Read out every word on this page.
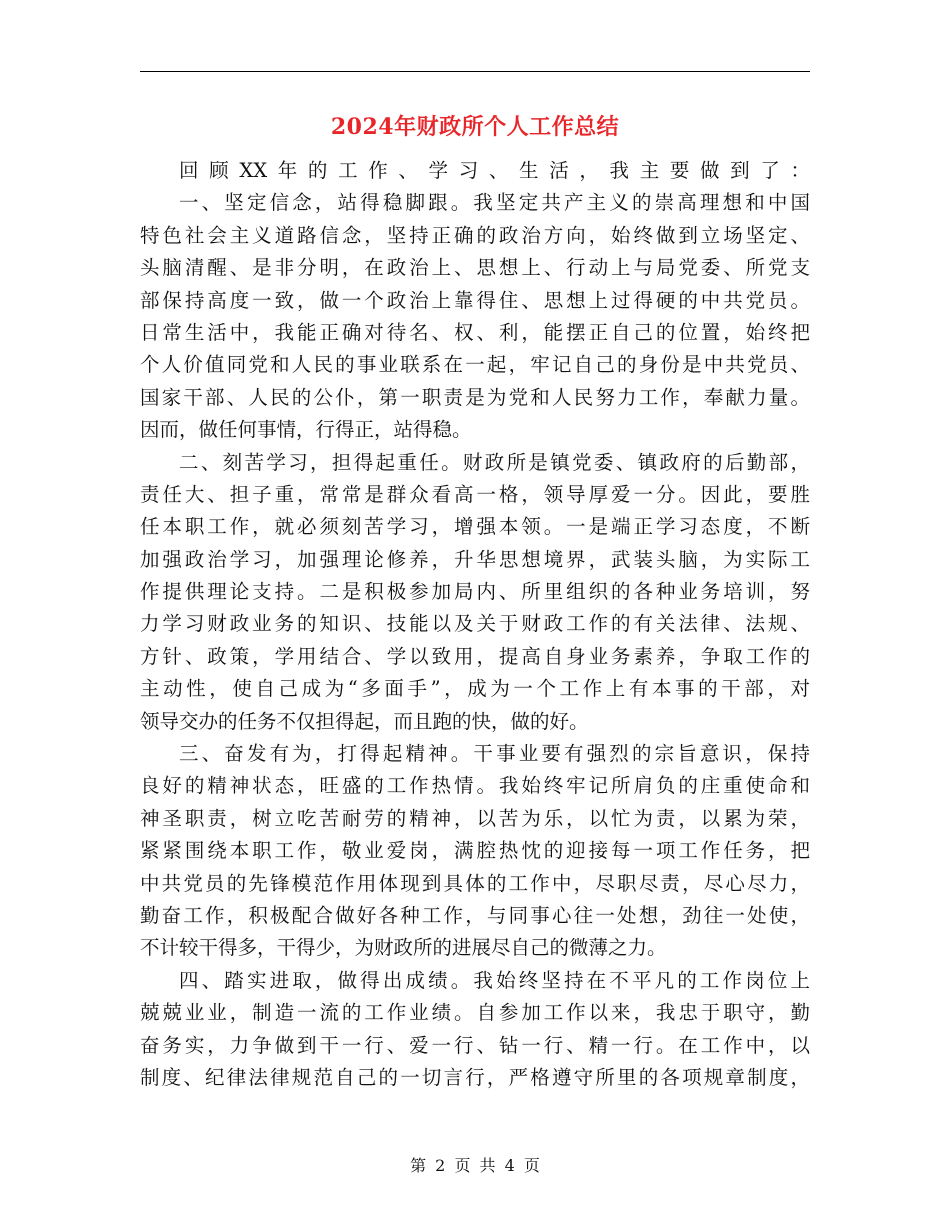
2024年财政所个人工作总结
回顾XX年的工作、学习、生活，我主要做到了：
一、坚定信念，站得稳脚跟。我坚定共产主义的崇高理想和中国
特色社会主义道路信念，坚持正确的政治方向，始终做到立场坚定、
头脑清醒、是非分明，在政治上、思想上、行动上与局党委、所党支
部保持高度一致，做一个政治上靠得住、思想上过得硬的中共党员。
日常生活中，我能正确对待名、权、利，能摆正自己的位置，始终把
个人价值同党和人民的事业联系在一起，牢记自己的身份是中共党员、
国家干部、人民的公仆，第一职责是为党和人民努力工作，奉献力量。
因而，做任何事情，行得正，站得稳。
二、刻苦学习，担得起重任。财政所是镇党委、镇政府的后勤部，
责任大、担子重，常常是群众看高一格，领导厚爱一分。因此，要胜
任本职工作，就必须刻苦学习，增强本领。一是端正学习态度，不断
加强政治学习，加强理论修养，升华思想境界，武装头脑，为实际工
作提供理论支持。二是积极参加局内、所里组织的各种业务培训，努
力学习财政业务的知识、技能以及关于财政工作的有关法律、法规、
方针、政策，学用结合、学以致用，提高自身业务素养，争取工作的
主动性，使自己成为“多面手”，成为一个工作上有本事的干部，对
领导交办的任务不仅担得起，而且跑的快，做的好。
三、奋发有为，打得起精神。干事业要有强烈的宗旨意识，保持
良好的精神状态，旺盛的工作热情。我始终牢记所肩负的庄重使命和
神圣职责，树立吃苦耐劳的精神，以苦为乐，以忙为责，以累为荣，
紧紧围绕本职工作，敬业爱岗，满腔热忱的迎接每一项工作任务，把
中共党员的先锋模范作用体现到具体的工作中，尽职尽责，尽心尽力，
勤奋工作，积极配合做好各种工作，与同事心往一处想，劲往一处使，
不计较干得多，干得少，为财政所的进展尽自己的微薄之力。
四、踏实进取，做得出成绩。我始终坚持在不平凡的工作岗位上
兢兢业业，制造一流的工作业绩。自参加工作以来，我忠于职守，勤
奋务实，力争做到干一行、爱一行、钻一行、精一行。在工作中，以
制度、纪律法律规范自己的一切言行，严格遵守所里的各项规章制度，
第 2 页 共 4 页
